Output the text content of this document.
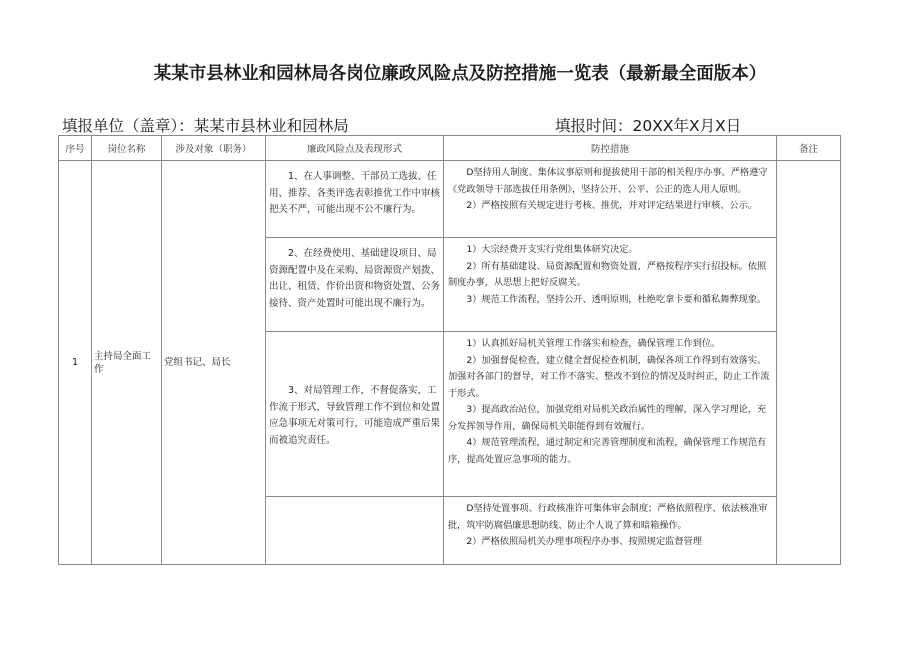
某某市县林业和园林局各岗位廉政风险点及防控措施一览表（最新最全面版本）
填报单位（盖章）：某某市县林业和园林局	填报时间：20XX年X月X日
序号	岗位名称	涉及对象（职务）	廉政风险点及表现形式	防控措施	备注
1	主持局全面工作	党组书记、局长	1、在人事调整、干部员工选拔、任用、推荐、各类评选表彰推优工作中审核把关不严，可能出现不公不廉行为。	D坚持用人制度、集体议事原则和提拔使用干部的相关程序办事。严格遵守《党政领导干部选拔任用条例》，坚持公开、公平、公正的选人用人原则。

2）严格按照有关规定进行考核、推优，并对评定结果进行审核、公示。	

			2、在经费使用、基础建设项目、局资源配置中及在采购、局资源资产划拨、出让、租赁、作价出资和物资处置、公务接待、资产处置时可能出现不廉行为。	1）大宗经费开支实行党组集体研究决定。

2）所有基础建设、局资源配置和物资处置，严格按程序实行招投标。依照制度办事，从思想上把好反腐关。

3）规范工作流程，坚持公开、透明原则，杜绝吃拿卡要和循私舞弊现象。	

			3、对局管理工作，不督促落实，工作流于形式，导致管理工作不到位和处置应急事项无对策可行，可能造成严重后果而被追究责任。	1）认真抓好局机关管理工作落实和检查，确保管理工作到位。

2）加强督促检查，建立健全督促检查机制，确保各项工作得到有效落实。加强对各部门的督导，对工作不落实、整改不到位的情况及时纠正，防止工作流于形式。

3）提高政治站位，加强党组对局机关政治属性的理解，深入学习理论，充分发挥领导作用，确保局机关职能得到有效履行。

4）规范管理流程，通过制定和完善管理制度和流程，确保管理工作规范有序，提高处置应急事项的能力。	

				D坚持处置事项、行政核准许可集体审会制度；严格依照程序、依法核准审批，筑牢防腐倡廉思想防线、防止个人说了算和暗箱操作。

2）严格依照局机关办理事项程序办事、按照规定监督管理	
